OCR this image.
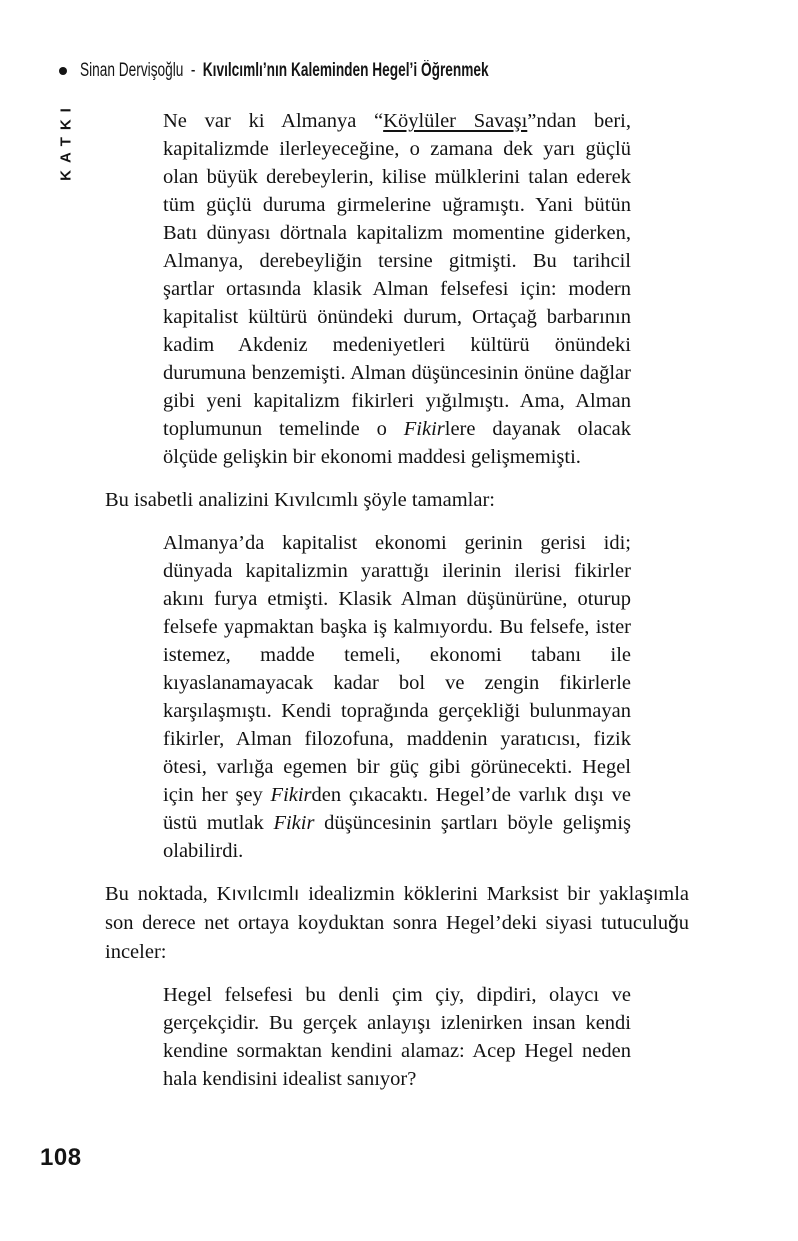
Sinan Dervişoğlu - Kıvılcımlı’nın Kaleminden Hegel’i Öğrenmek
KATKI	Ne var ki Almanya “Köylüler Savaşı”ndan beri, kapitalizmde ilerleyeceğine, o zamana dek yarı güçlü olan büyük derebeylerin, kilise mülklerini talan ederek tüm güçlü duruma girmelerine uğramıştı. Yani bütün Batı dünyası dörtnala kapitalizm momentine giderken, Almanya, derebeyliğin tersine gitmişti. Bu tarihcil şartlar ortasında klasik Alman felsefesi için: modern kapitalist kültürü önündeki durum, Ortaçağ barbarının kadim Akdeniz medeniyetleri kültürü önündeki durumuna benzemişti. Alman düşüncesinin önüne dağlar gibi yeni kapitalizm fikirleri yığılmıştı. Ama, Alman toplumunun temelinde o Fikirlere dayanak olacak ölçüde gelişkin bir ekonomi maddesi gelişmemişti.

Bu isabetli analizini Kıvılcımlı şöyle tamamlar:

Almanya’da kapitalist ekonomi gerinin gerisi idi; dünyada kapitalizmin yarattığı ilerinin ilerisi fikirler akını furya etmişti. Klasik Alman düşünürüne, oturup felsefe yapmaktan başka iş kalmıyordu. Bu felsefe, ister istemez, madde temeli, ekonomi tabanı ile kıyaslanamayacak kadar bol ve zengin fikirlerle karşılaşmıştı. Kendi toprağında gerçekliği bulunmayan fikirler, Alman filozofuna, maddenin yaratıcısı, fizik ötesi, varlığa egemen bir güç gibi görünecekti. Hegel için her şey Fikirden çıkacaktı. Hegel’de varlık dışı ve üstü mutlak Fikir düşüncesinin şartları böyle gelişmiş olabilirdi.

Bu noktada, Kıvılcımlı idealizmin köklerini Marksist bir yaklaşımla son derece net ortaya koyduktan sonra Hegel’deki siyasi tutuculuğu inceler:

Hegel felsefesi bu denli çim çiy, dipdiri, olaycı ve gerçekçidir. Bu gerçek anlayışı izlenirken insan kendi kendine sormaktan kendini alamaz: Acep Hegel neden hala kendisini idealist sanıyor?

108
